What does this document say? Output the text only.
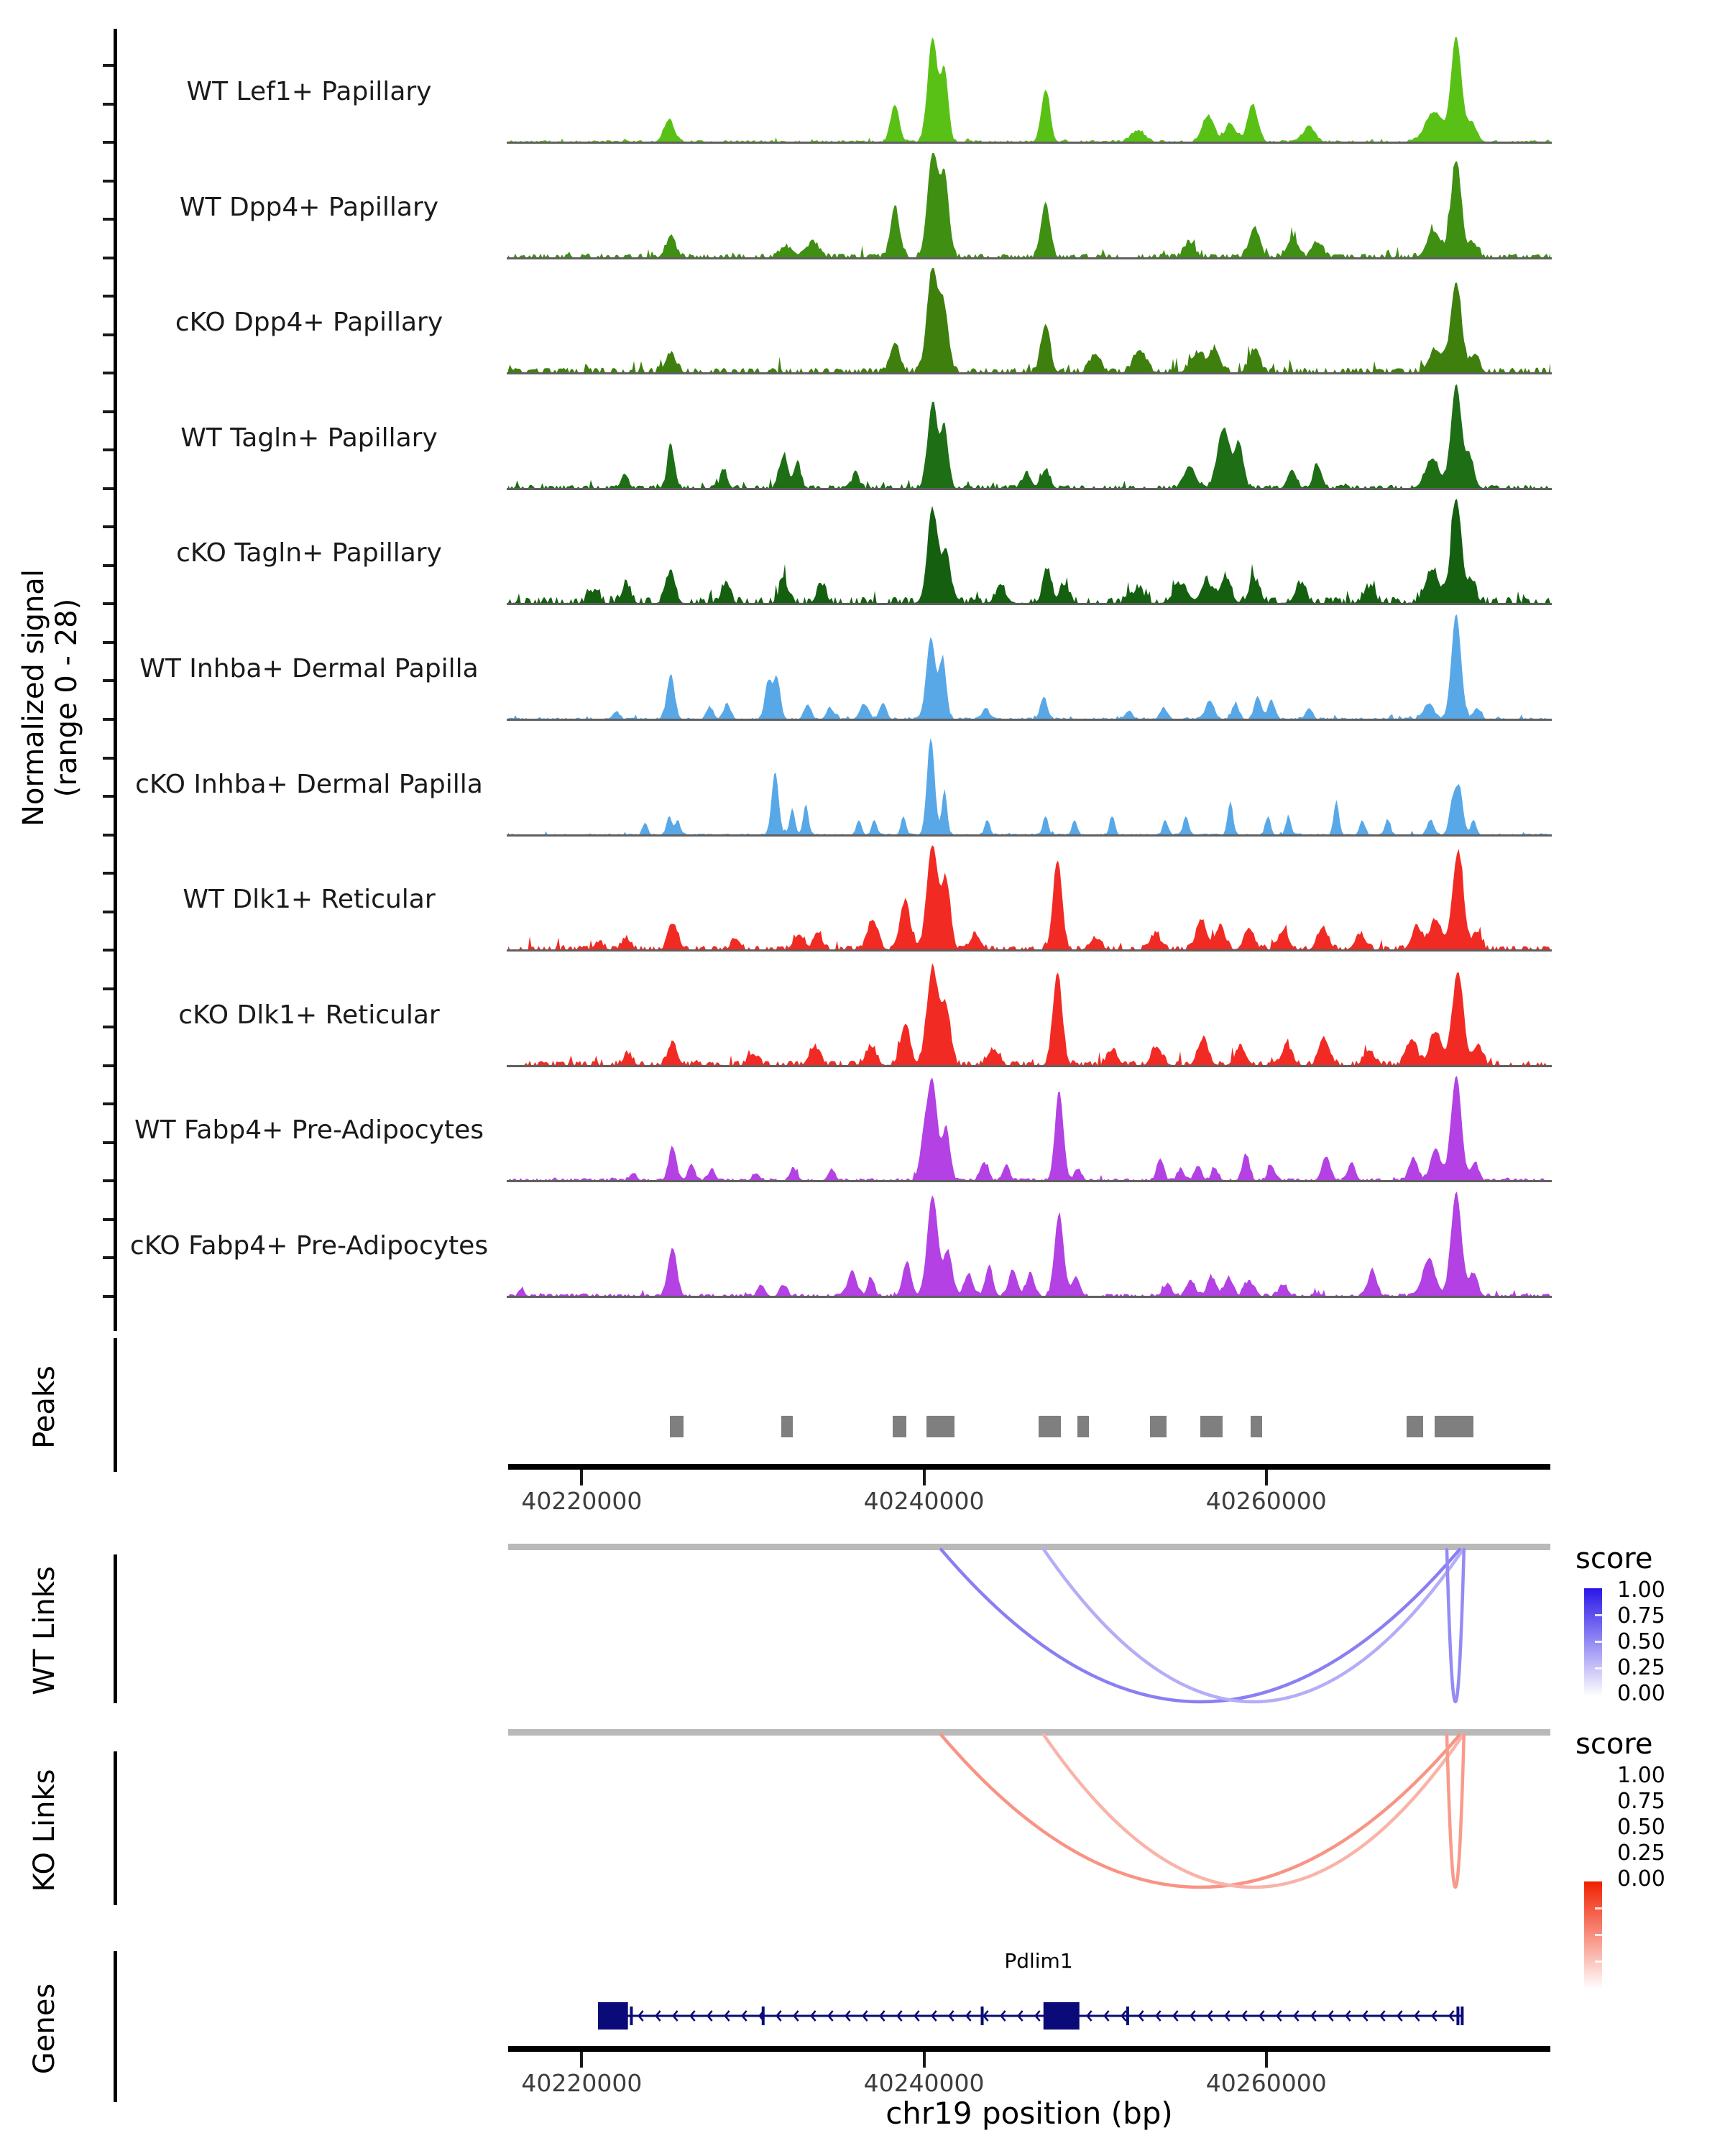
Normalized signal (range 0 - 28)
WT Lef1+ Papillary
WT Dpp4+ Papillary
cKO Dpp4+ Papillary
WT Tagln+ Papillary
cKO Tagln+ Papillary
WT Inhba+ Dermal Papilla
cKO Inhba+ Dermal Papilla
WT Dlk1+ Reticular
cKO Dlk1+ Reticular
WT Fabp4+ Pre-Adipocytes
cKO Fabp4+ Pre-Adipocytes
Peaks
40220000	40240000	40260000
WT Links
score
1.00
0.75
0.50
0.25
0.00
KO Links
score
1.00
0.75
0.50
0.25
0.00
Genes
Pdlim1
40220000	40240000	40260000
chr19 position (bp)
